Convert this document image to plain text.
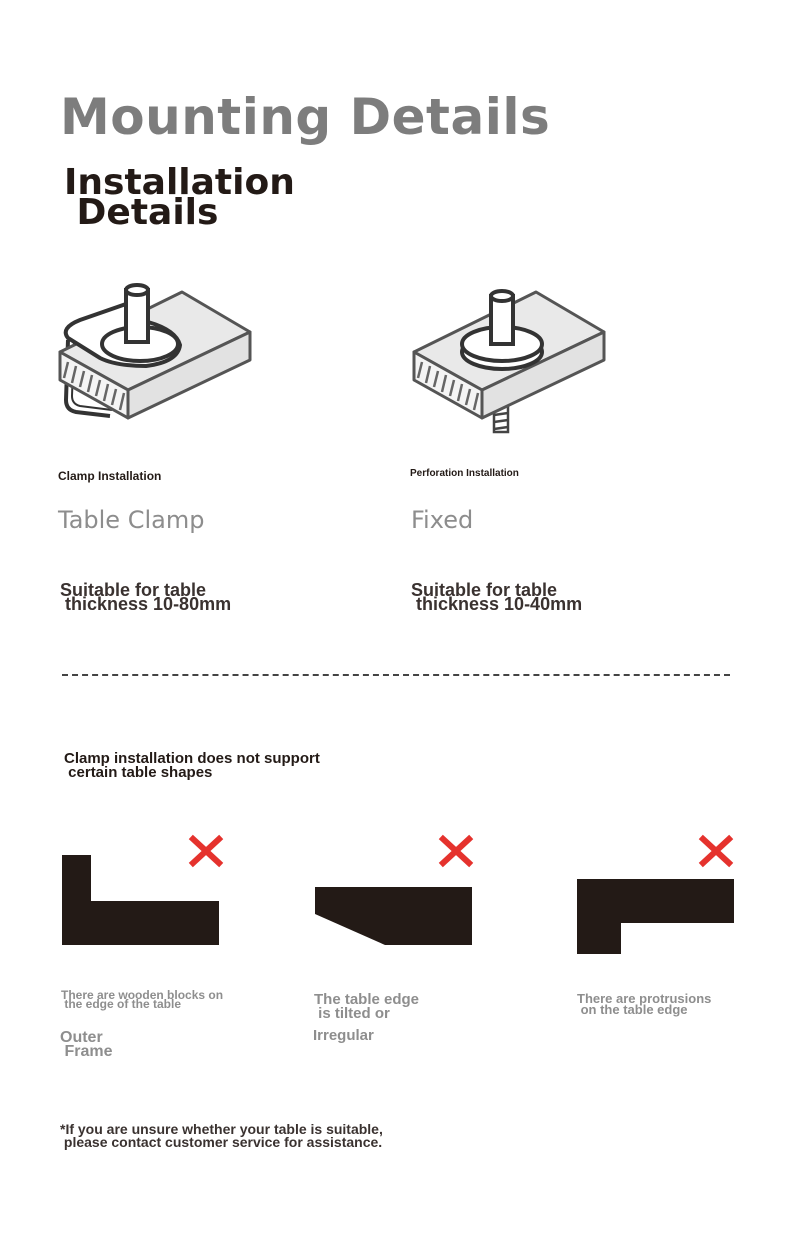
Mounting Details
Installation
Details
Clamp Installation	Perforation Installation
Table Clamp	Fixed
Suitable for table
thickness 10-80mm
Suitable for table
thickness 10-40mm
Clamp installation does not support
certain table shapes
There are wooden blocks on
the edge of the table	The table edge
is tilted or
There are protrusions
on the table edge
Outer
Frame
Irregular
*If you are unsure whether your table is suitable,
please contact customer service for assistance.
